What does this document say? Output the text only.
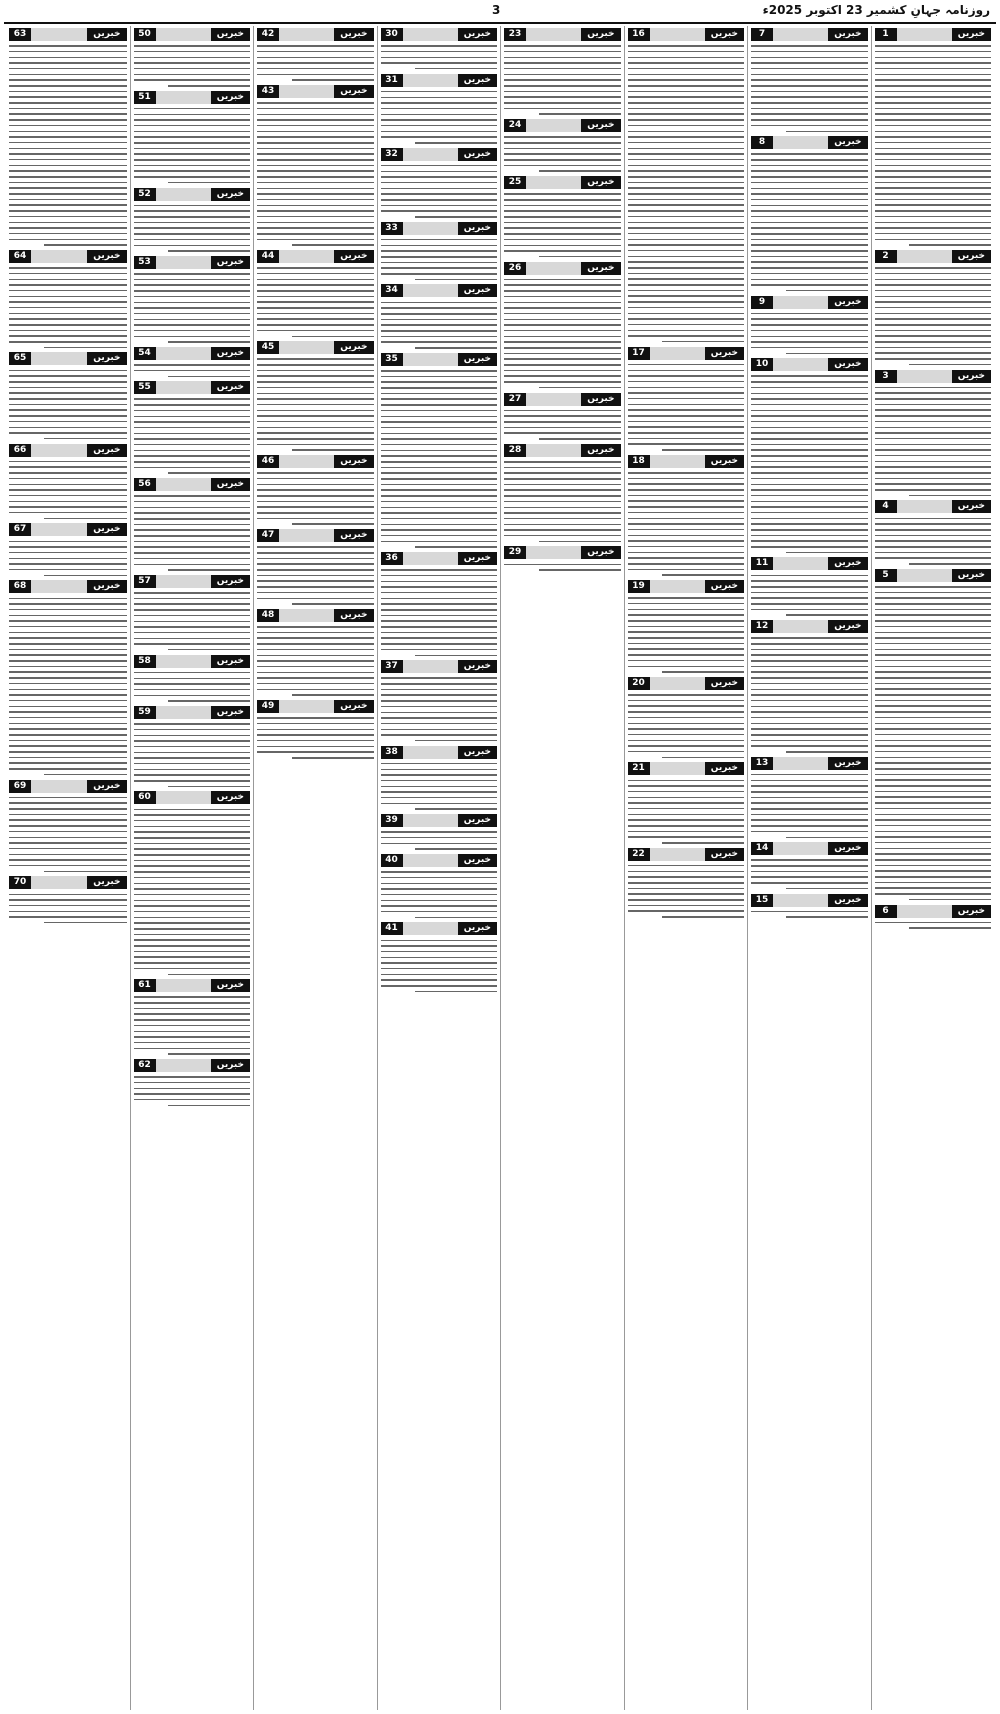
روزنامہ جہانِ کشمیر 23 اکتوبر 2025ء
3
خبریں
1
خبریں
2
خبریں
3
خبریں
4
خبریں
5
خبریں
6
خبریں
7
خبریں
8
خبریں
9
خبریں
10
خبریں
11
خبریں
12
خبریں
13
خبریں
14
خبریں
15
خبریں
16
خبریں
17
خبریں
18
خبریں
19
خبریں
20
خبریں
21
خبریں
22
خبریں
23
خبریں
24
خبریں
25
خبریں
26
خبریں
27
خبریں
28
خبریں
29
خبریں
30
خبریں
31
خبریں
32
خبریں
33
خبریں
34
خبریں
35
خبریں
36
خبریں
37
خبریں
38
خبریں
39
خبریں
40
خبریں
41
خبریں
42
خبریں
43
خبریں
44
خبریں
45
خبریں
46
خبریں
47
خبریں
48
خبریں
49
خبریں
50
خبریں
51
خبریں
52
خبریں
53
خبریں
54
خبریں
55
خبریں
56
خبریں
57
خبریں
58
خبریں
59
خبریں
60
خبریں
61
خبریں
62
خبریں
63
خبریں
64
خبریں
65
خبریں
66
خبریں
67
خبریں
68
خبریں
69
خبریں
70
